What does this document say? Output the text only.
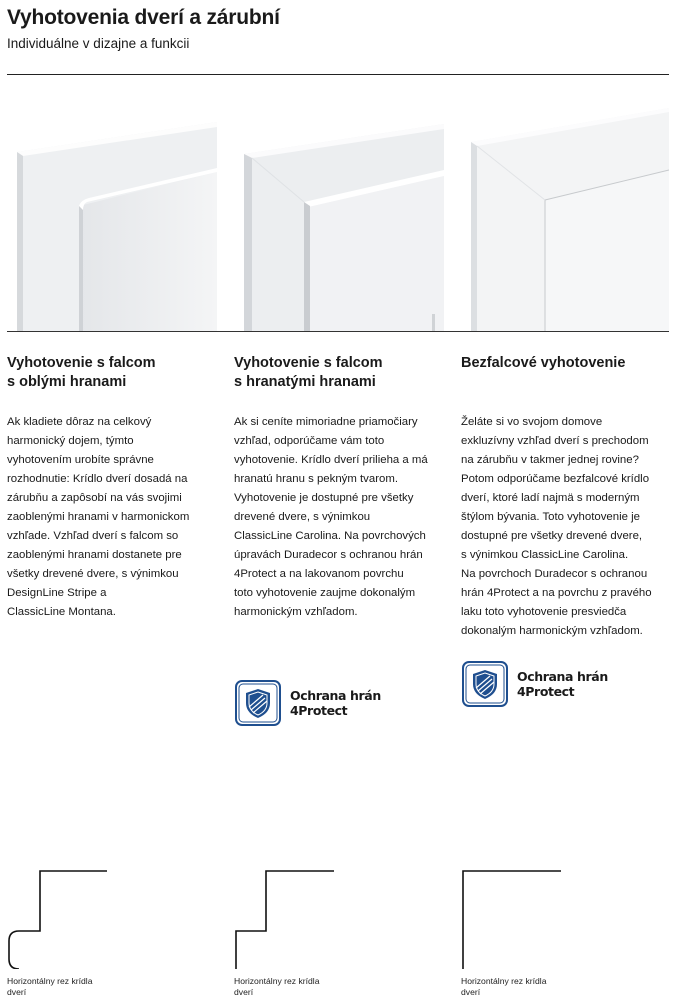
Vyhotovenia dverí a zárubní

Individuálne v dizajne a funkcii

Vyhotovenie s falcom
s oblými hranami
Ak kladiete dôraz na celkový
harmonický dojem, týmto
vyhotovením urobíte správne
rozhodnutie: Krídlo dverí dosadá na
zárubňu a zapôsobí na vás svojimi
zaoblenými hranami v harmonickom
vzhľade. Vzhľad dverí s falcom so
zaoblenými hranami dostanete pre
všetky drevené dvere, s výnimkou
DesignLine Stripe a
ClassicLine Montana.
Vyhotovenie s falcom
s hranatými hranami
Ak si ceníte mimoriadne priamočiary
vzhľad, odporúčame vám toto
vyhotovenie. Krídlo dverí prilieha a má
hranatú hranu s pekným tvarom.
Vyhotovenie je dostupné pre všetky
drevené dvere, s výnimkou
ClassicLine Carolina. Na povrchových
úpravách Duradecor s ochranou hrán
4Protect a na lakovanom povrchu
toto vyhotovenie zaujme dokonalým
harmonickým vzhľadom.
Bezfalcové vyhotovenie
Želáte si vo svojom domove
exkluzívny vzhľad dverí s prechodom
na zárubňu v takmer jednej rovine?
Potom odporúčame bezfalcové krídlo
dverí, ktoré ladí najmä s moderným
štýlom bývania. Toto vyhotovenie je
dostupné pre všetky drevené dvere,
s výnimkou ClassicLine Carolina.
Na povrchoch Duradecor s ochranou
hrán 4Protect a na povrchu z pravého
laku toto vyhotovenie presviedča
dokonalým harmonickým vzhľadom.
Ochrana hrán
4Protect
Ochrana hrán
4Protect
Horizontálny rez krídla
dverí
Horizontálny rez krídla
dverí
Horizontálny rez krídla
dverí
